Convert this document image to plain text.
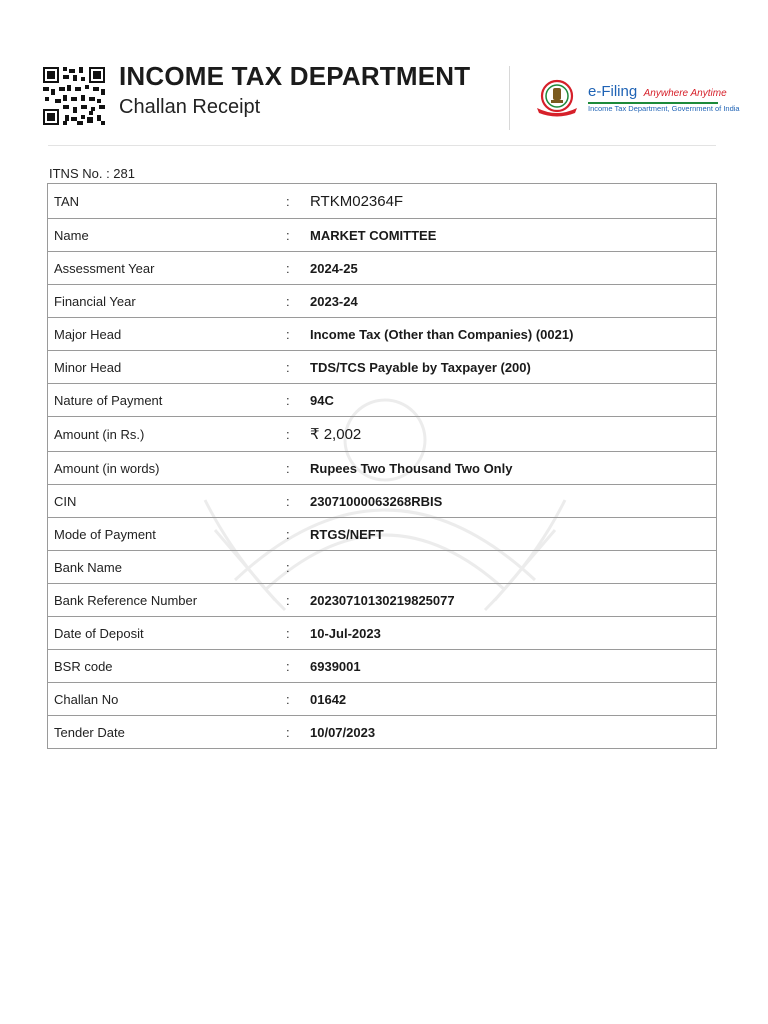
INCOME TAX DEPARTMENT
Challan Receipt
e-Filing Anywhere Anytime
Income Tax Department, Government of India
ITNS No. : 281
TAN	: RTKM02364F
Name	: MARKET COMITTEE
Assessment Year	: 2024-25
Financial Year	: 2023-24
Major Head	: Income Tax (Other than Companies) (0021)
Minor Head	: TDS/TCS Payable by Taxpayer (200)
Nature of Payment	: 94C
Amount (in Rs.)	: ₹ 2,002
Amount (in words)	: Rupees Two Thousand Two Only
CIN	: 23071000063268RBIS
Mode of Payment	: RTGS/NEFT
Bank Name	:
Bank Reference Number	: 20230710130219825077
Date of Deposit	: 10-Jul-2023
BSR code	: 6939001
Challan No	: 01642
Tender Date	: 10/07/2023
